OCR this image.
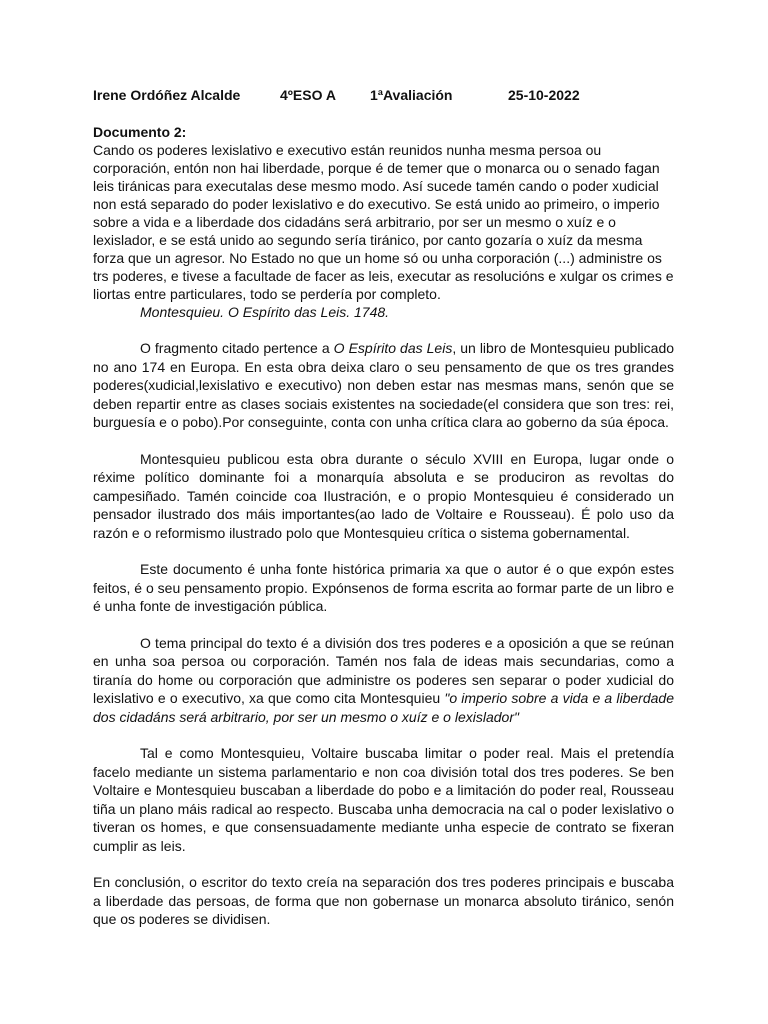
Irene Ordóñez Alcalde	4ºESO A 1ªAvaliación	25-10-2022
Documento 2:

Cando os poderes lexislativo e executivo están reunidos nunha mesma persoa ou corporación, entón non hai liberdade, porque é de temer que o monarca ou o senado fagan leis tiránicas para executalas dese mesmo modo. Así sucede tamén cando o poder xudicial non está separado do poder lexislativo e do executivo. Se está unido ao primeiro, o imperio sobre a vida e a liberdade dos cidadáns será arbitrario, por ser un mesmo o xuíz e o lexislador, e se está unido ao segundo sería tiránico, por canto gozaría o xuíz da mesma forza que un agresor. No Estado no que un home só ou unha corporación (...) administre os trs poderes, e tivese a facultade de facer as leis, executar as resolucións e xulgar os crimes e liortas entre particulares, todo se perdería por completo.

Montesquieu. O Espírito das Leis. 1748.

O fragmento citado pertence a O Espírito das Leis, un libro de Montesquieu publicado no ano 174 en Europa. En esta obra deixa claro o seu pensamento de que os tres grandes poderes(xudicial,lexislativo e executivo) non deben estar nas mesmas mans, senón que se deben repartir entre as clases sociais existentes na sociedade(el considera que son tres: rei, burguesía e o pobo).Por conseguinte, conta con unha crítica clara ao goberno da súa época.

Montesquieu publicou esta obra durante o século XVIII en Europa, lugar onde o réxime político dominante foi a monarquía absoluta e se produciron as revoltas do campesiñado. Tamén coincide coa Ilustración, e o propio Montesquieu é considerado un pensador ilustrado dos máis importantes(ao lado de Voltaire e Rousseau). É polo uso da razón e o reformismo ilustrado polo que Montesquieu crítica o sistema gobernamental.

Este documento é unha fonte histórica primaria xa que o autor é o que expón estes feitos, é o seu pensamento propio. Expónsenos de forma escrita ao formar parte de un libro e é unha fonte de investigación pública.

O tema principal do texto é a división dos tres poderes e a oposición a que se reúnan en unha soa persoa ou corporación. Tamén nos fala de ideas mais secundarias, como a tiranía do home ou corporación que administre os poderes sen separar o poder xudicial do lexislativo e o executivo, xa que como cita Montesquieu "o imperio sobre a vida e a liberdade dos cidadáns será arbitrario, por ser un mesmo o xuíz e o lexislador"

Tal e como Montesquieu, Voltaire buscaba limitar o poder real. Mais el pretendía facelo mediante un sistema parlamentario e non coa división total dos tres poderes. Se ben Voltaire e Montesquieu buscaban a liberdade do pobo e a limitación do poder real, Rousseau tiña un plano máis radical ao respecto. Buscaba unha democracia na cal o poder lexislativo o tiveran os homes, e que consensuadamente mediante unha especie de contrato se fixeran cumplir as leis.

En conclusión, o escritor do texto creía na separación dos tres poderes principais e buscaba a liberdade das persoas, de forma que non gobernase un monarca absoluto tiránico, senón que os poderes se dividisen.
